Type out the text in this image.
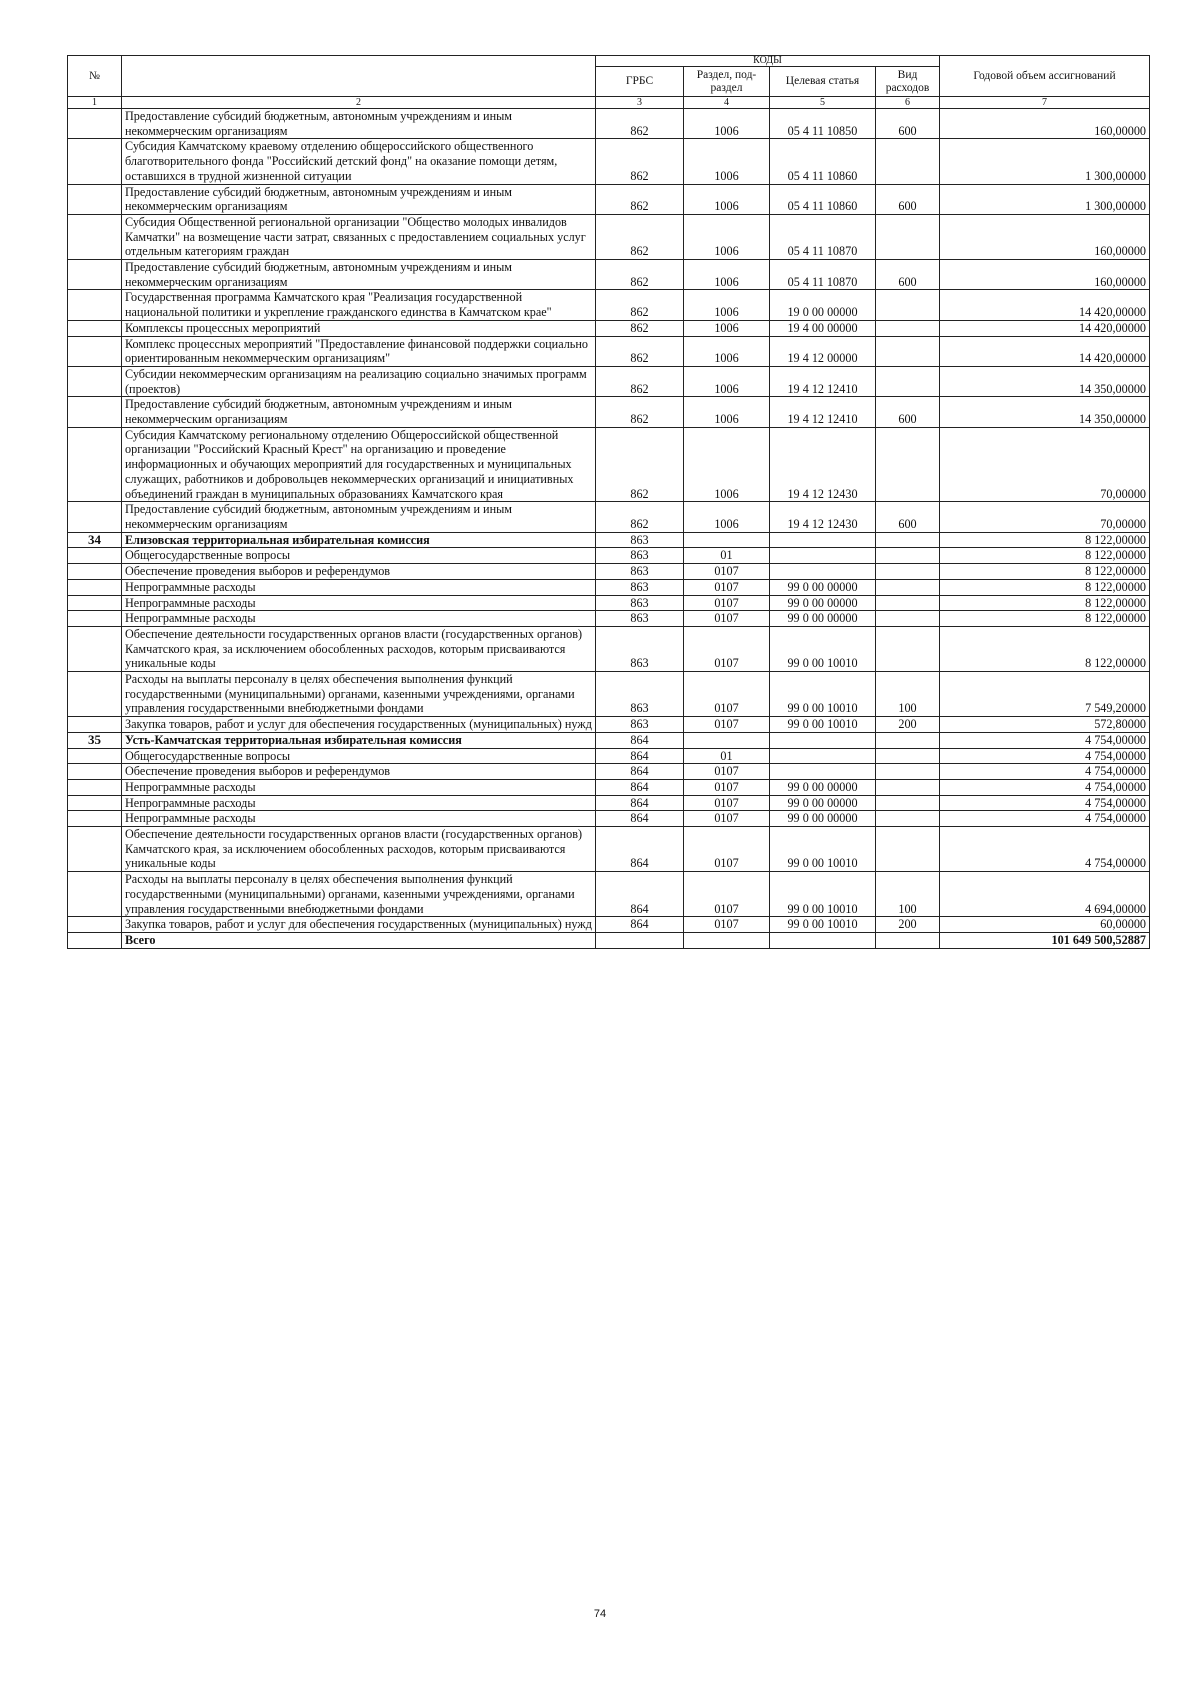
№		КОДЫ				Годовой объем ассигнований
		ГРБС	Раздел, под-раздел	Целевая статья	Вид расходов	
1	2	3	4	5	6	7
	Предоставление субсидий бюджетным, автономным учреждениям и иным некоммерческим организациям	862	1006	05 4 11 10850	600	160,00000
	Субсидия Камчатскому краевому отделению общероссийского общественного благотворительного фонда "Российский детский фонд" на оказание помощи детям, оставшихся в трудной жизненной ситуации	862	1006	05 4 11 10860		1 300,00000
	Предоставление субсидий бюджетным, автономным учреждениям и иным некоммерческим организациям	862	1006	05 4 11 10860	600	1 300,00000
	Субсидия Общественной региональной организации "Общество молодых инвалидов Камчатки" на возмещение части затрат, связанных с предоставлением социальных услуг отдельным категориям граждан	862	1006	05 4 11 10870		160,00000
	Предоставление субсидий бюджетным, автономным учреждениям и иным некоммерческим организациям	862	1006	05 4 11 10870	600	160,00000
	Государственная программа Камчатского края "Реализация государственной национальной политики и укрепление гражданского единства в Камчатском крае"	862	1006	19 0 00 00000		14 420,00000
	Комплексы процессных мероприятий	862	1006	19 4 00 00000		14 420,00000
	Комплекс процессных мероприятий "Предоставление финансовой поддержки социально ориентированным некоммерческим организациям"	862	1006	19 4 12 00000		14 420,00000
	Субсидии некоммерческим организациям на реализацию социально значимых программ (проектов)	862	1006	19 4 12 12410		14 350,00000
	Предоставление субсидий бюджетным, автономным учреждениям и иным некоммерческим организациям	862	1006	19 4 12 12410	600	14 350,00000
	Субсидия Камчатскому региональному отделению Общероссийской общественной организации "Российский Красный Крест" на организацию и проведение информационных и обучающих мероприятий для государственных и муниципальных служащих, работников и добровольцев некоммерческих организаций и инициативных объединений граждан в муниципальных образованиях Камчатского края	862	1006	19 4 12 12430		70,00000
	Предоставление субсидий бюджетным, автономным учреждениям и иным некоммерческим организациям	862	1006	19 4 12 12430	600	70,00000
34	Елизовская территориальная избирательная комиссия	863				8 122,00000
	Общегосударственные вопросы	863	01			8 122,00000
	Обеспечение проведения выборов и референдумов	863	0107			8 122,00000
	Непрограммные расходы	863	0107	99 0 00 00000		8 122,00000
	Непрограммные расходы	863	0107	99 0 00 00000		8 122,00000
	Непрограммные расходы	863	0107	99 0 00 00000		8 122,00000
	Обеспечение деятельности государственных органов власти (государственных органов) Камчатского края, за исключением обособленных расходов, которым присваиваются уникальные коды	863	0107	99 0 00 10010		8 122,00000
	Расходы на выплаты персоналу в целях обеспечения выполнения функций государственными (муниципальными) органами, казенными учреждениями, органами управления государственными внебюджетными фондами	863	0107	99 0 00 10010	100	7 549,20000
	Закупка товаров, работ и услуг для обеспечения государственных (муниципальных) нужд	863	0107	99 0 00 10010	200	572,80000
35	Усть-Камчатская территориальная избирательная комиссия	864				4 754,00000
	Общегосударственные вопросы	864	01			4 754,00000
	Обеспечение проведения выборов и референдумов	864	0107			4 754,00000
	Непрограммные расходы	864	0107	99 0 00 00000		4 754,00000
	Непрограммные расходы	864	0107	99 0 00 00000		4 754,00000
	Непрограммные расходы	864	0107	99 0 00 00000		4 754,00000
	Обеспечение деятельности государственных органов власти (государственных органов) Камчатского края, за исключением обособленных расходов, которым присваиваются уникальные коды	864	0107	99 0 00 10010		4 754,00000
	Расходы на выплаты персоналу в целях обеспечения выполнения функций государственными (муниципальными) органами, казенными учреждениями, органами управления государственными внебюджетными фондами	864	0107	99 0 00 10010	100	4 694,00000
	Закупка товаров, работ и услуг для обеспечения государственных (муниципальных) нужд	864	0107	99 0 00 10010	200	60,00000
	Всего					101 649 500,52887
74
